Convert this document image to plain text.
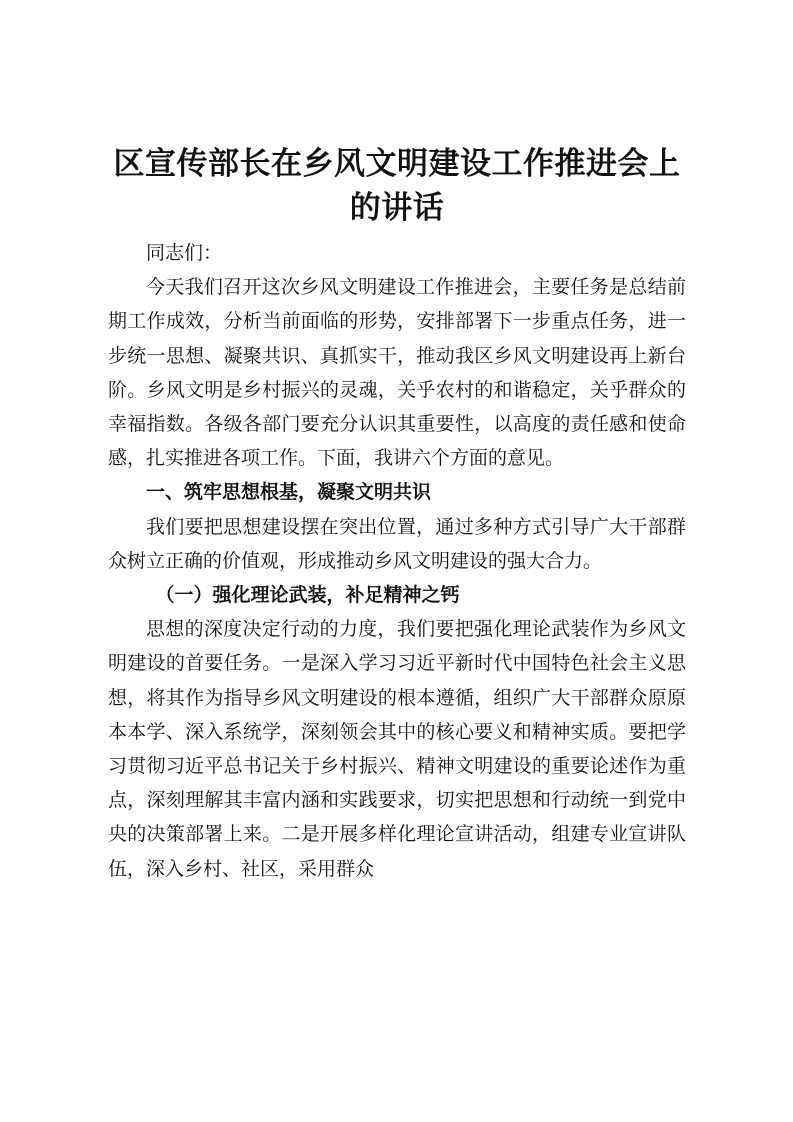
区宣传部长在乡风文明建设工作推进会上的讲话

同志们：

今天我们召开这次乡风文明建设工作推进会，主要任务是总结前期工作成效，分析当前面临的形势，安排部署下一步重点任务，进一步统一思想、凝聚共识、真抓实干，推动我区乡风文明建设再上新台阶。乡风文明是乡村振兴的灵魂，关乎农村的和谐稳定，关乎群众的幸福指数。各级各部门要充分认识其重要性，以高度的责任感和使命感，扎实推进各项工作。下面，我讲六个方面的意见。

一、筑牢思想根基，凝聚文明共识

我们要把思想建设摆在突出位置，通过多种方式引导广大干部群众树立正确的价值观，形成推动乡风文明建设的强大合力。

（一）强化理论武装，补足精神之钙

思想的深度决定行动的力度，我们要把强化理论武装作为乡风文明建设的首要任务。一是深入学习习近平新时代中国特色社会主义思想，将其作为指导乡风文明建设的根本遵循，组织广大干部群众原原本本学、深入系统学，深刻领会其中的核心要义和精神实质。要把学习贯彻习近平总书记关于乡村振兴、精神文明建设的重要论述作为重点，深刻理解其丰富内涵和实践要求，切实把思想和行动统一到党中央的决策部署上来。二是开展多样化理论宣讲活动，组建专业宣讲队伍，深入乡村、社区，采用群众
